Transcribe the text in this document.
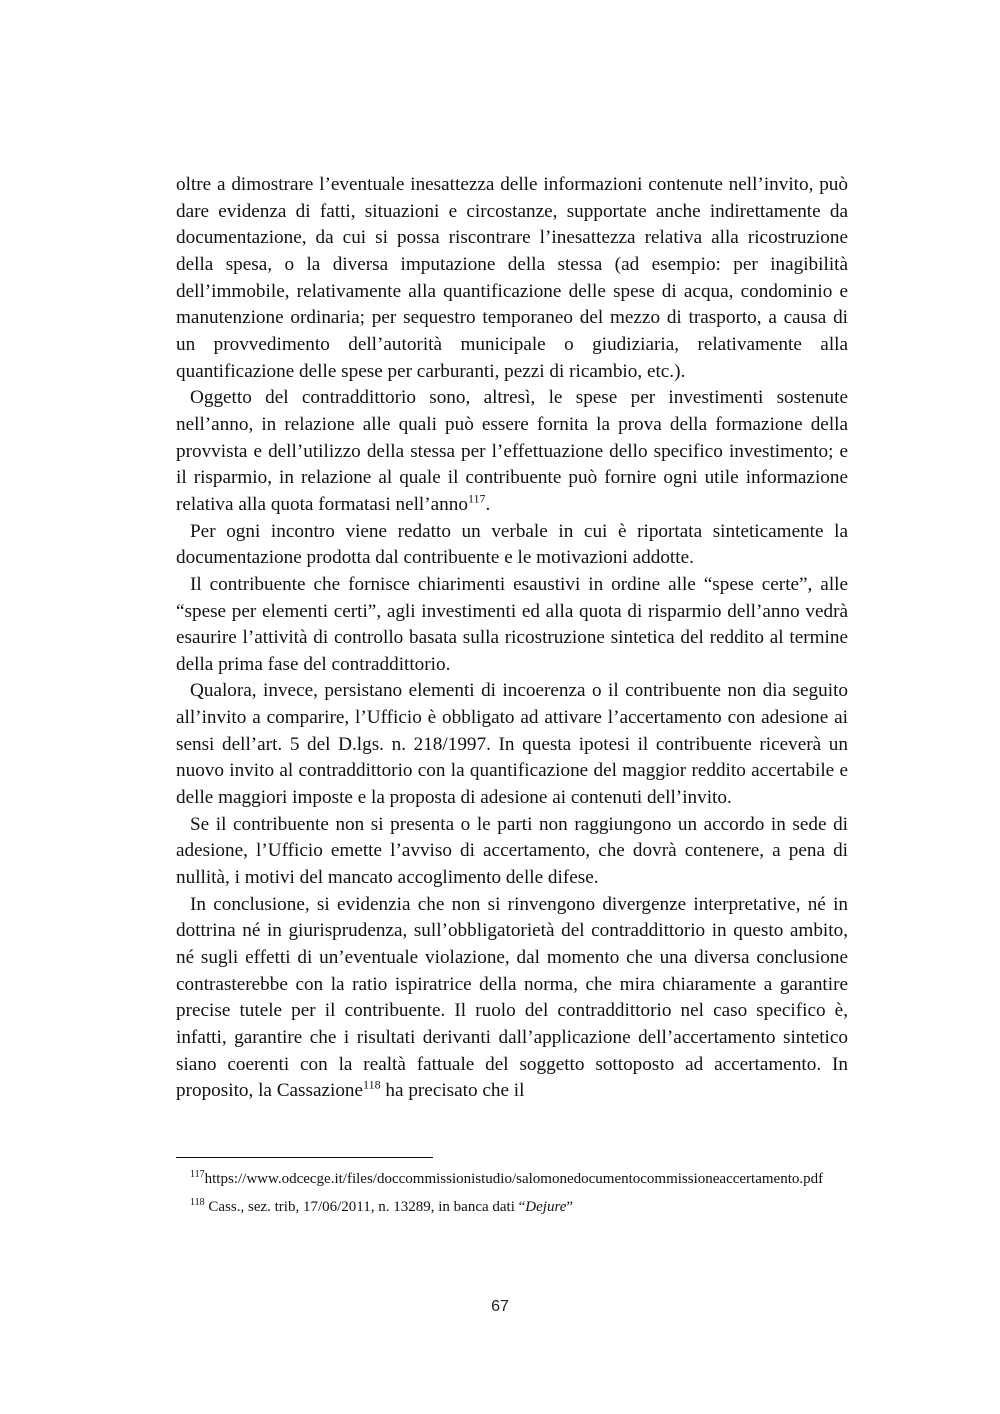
oltre a dimostrare l’eventuale inesattezza delle informazioni contenute nell’invito, può dare evidenza di fatti, situazioni e circostanze, supportate anche indirettamente da documentazione, da cui si possa riscontrare l’inesattezza relativa alla ricostruzione della spesa, o la diversa imputazione della stessa (ad esempio: per inagibilità dell’immobile, relativamente alla quantificazione delle spese di acqua, condominio e manutenzione ordinaria; per sequestro temporaneo del mezzo di trasporto, a causa di un provvedimento dell’autorità municipale o giudiziaria, relativamente alla quantificazione delle spese per carburanti, pezzi di ricambio, etc.).

Oggetto del contraddittorio sono, altresì, le spese per investimenti sostenute nell’anno, in relazione alle quali può essere fornita la prova della formazione della provvista e dell’utilizzo della stessa per l’effettuazione dello specifico investimento; e il risparmio, in relazione al quale il contribuente può fornire ogni utile informazione relativa alla quota formatasi nell’anno$^{117}$.

Per ogni incontro viene redatto un verbale in cui è riportata sinteticamente la documentazione prodotta dal contribuente e le motivazioni addotte.

Il contribuente che fornisce chiarimenti esaustivi in ordine alle “spese certe”, alle “spese per elementi certi”, agli investimenti ed alla quota di risparmio dell’anno vedrà esaurire l’attività di controllo basata sulla ricostruzione sintetica del reddito al termine della prima fase del contraddittorio.

Qualora, invece, persistano elementi di incoerenza o il contribuente non dia seguito all’invito a comparire, l’Ufficio è obbligato ad attivare l’accertamento con adesione ai sensi dell’art. 5 del D.lgs. n. 218/1997. In questa ipotesi il contribuente riceverà un nuovo invito al contraddittorio con la quantificazione del maggior reddito accertabile e delle maggiori imposte e la proposta di adesione ai contenuti dell’invito.

Se il contribuente non si presenta o le parti non raggiungono un accordo in sede di adesione, l’Ufficio emette l’avviso di accertamento, che dovrà contenere, a pena di nullità, i motivi del mancato accoglimento delle difese.

In conclusione, si evidenzia che non si rinvengono divergenze interpretative, né in dottrina né in giurisprudenza, sull’obbligatorietà del contraddittorio in questo ambito, né sugli effetti di un’eventuale violazione, dal momento che una diversa conclusione contrasterebbe con la ratio ispiratrice della norma, che mira chiaramente a garantire precise tutele per il contribuente. Il ruolo del contraddittorio nel caso specifico è, infatti, garantire che i risultati derivanti dall’applicazione dell’accertamento sintetico siano coerenti con la realtà fattuale del soggetto sottoposto ad accertamento. In proposito, la Cassazione$^{118}$ ha precisato che il

$^{117}$https://www.odcecge.it/files/doccommissionistudio/salomonedocumentocommissioneaccertamento.pdf

$^{118}$ Cass., sez. trib, 17/06/2011, n. 13289, in banca dati “Dejure”

67
